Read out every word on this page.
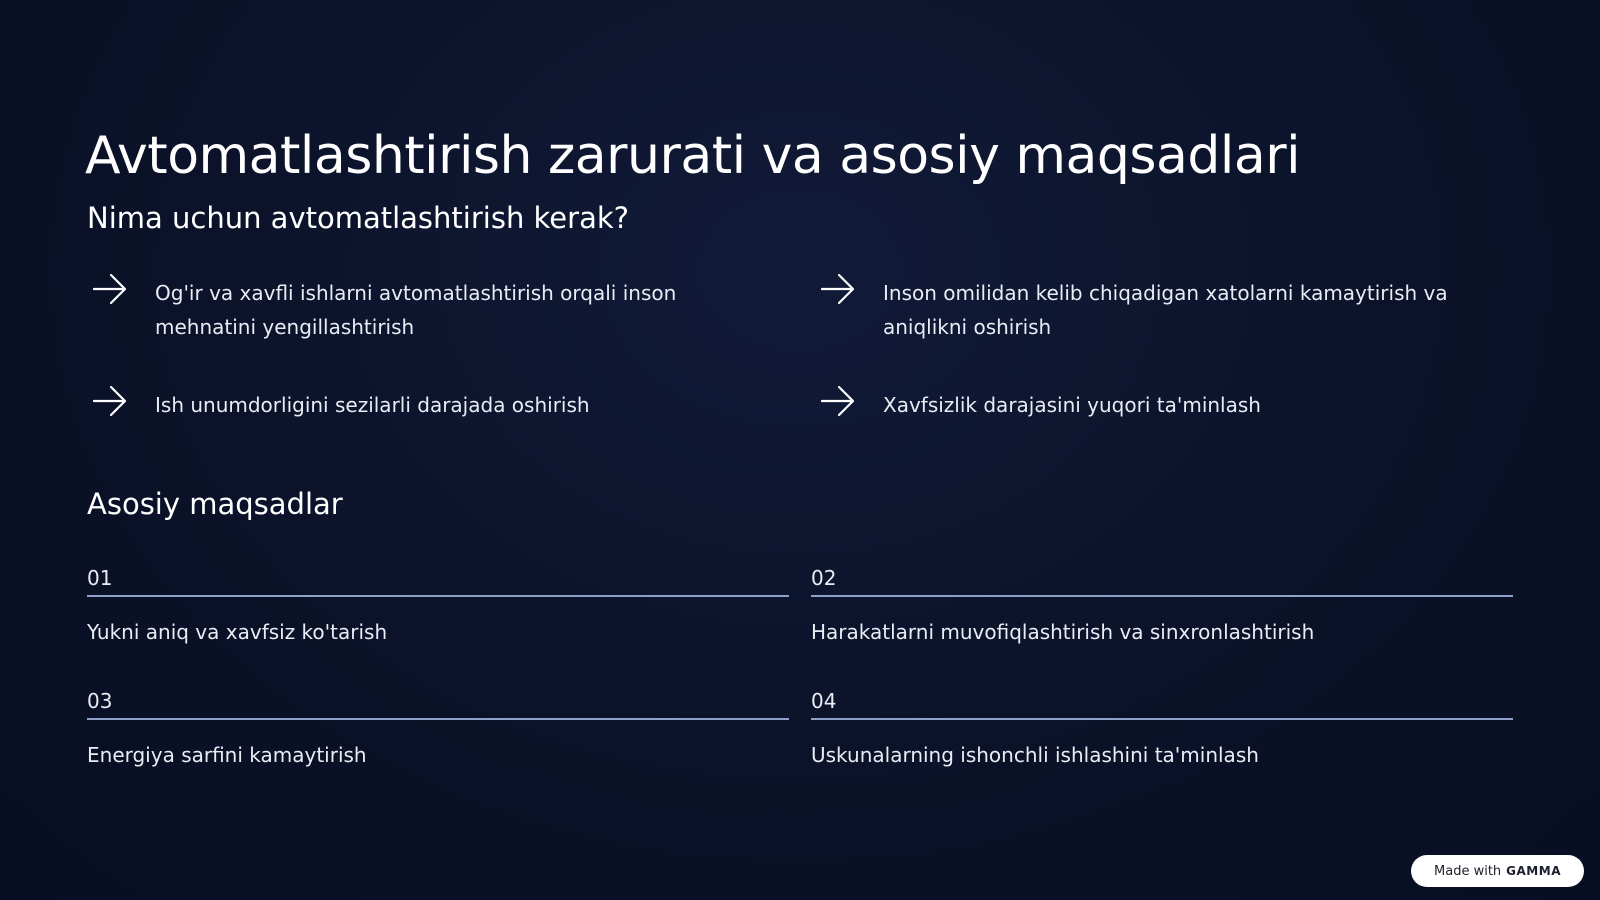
Avtomatlashtirish zarurati va asosiy maqsadlari
Nima uchun avtomatlashtirish kerak?
Og'ir va xavfli ishlarni avtomatlashtirish orqali inson mehnatini yengillashtirish
Inson omilidan kelib chiqadigan xatolarni kamaytirish va aniqlikni oshirish
Ish unumdorligini sezilarli darajada oshirish	Xavfsizlik darajasini yuqori ta'minlash
Asosiy maqsadlar
01
Yukni aniq va xavfsiz ko'tarish
02
Harakatlarni muvofiqlashtirish va sinxronlashtirish
03
Energiya sarfini kamaytirish
04
Uskunalarning ishonchli ishlashini ta'minlash
Made with GAMMA
